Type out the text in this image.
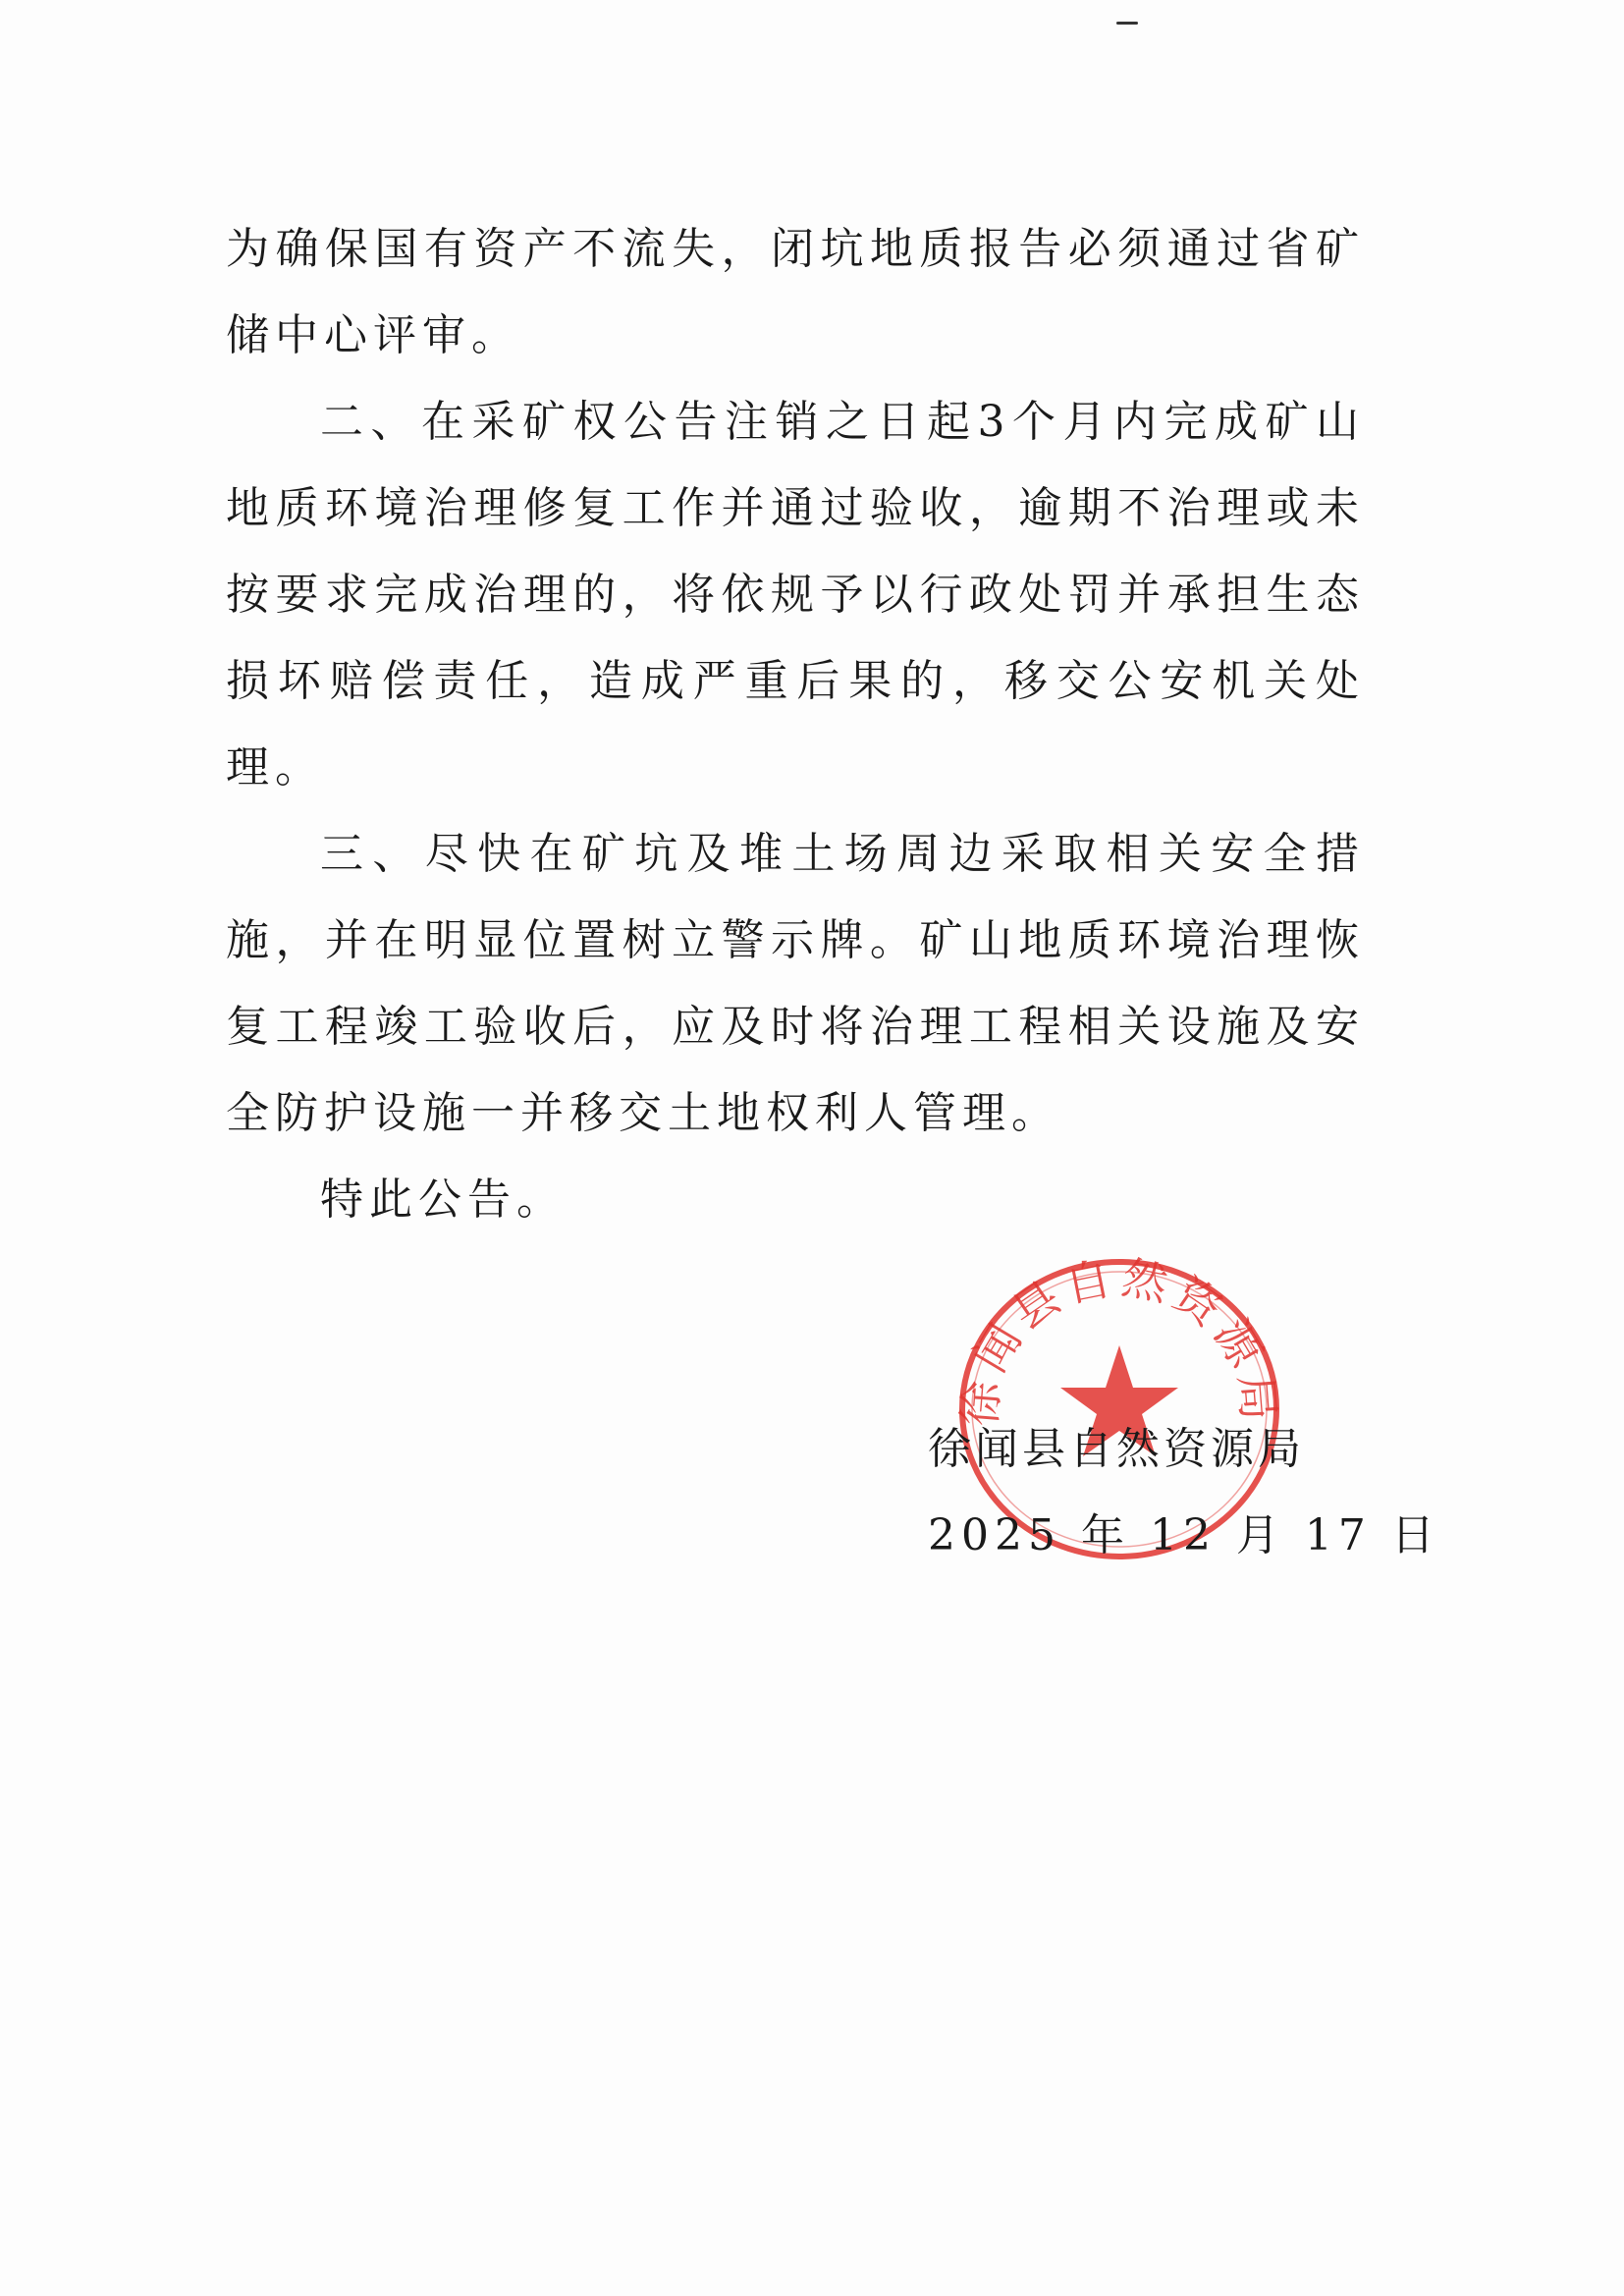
为确保国有资产不流失，闭坑地质报告必须通过省矿储中心评审。

二、在采矿权公告注销之日起3个月内完成矿山地质环境治理修复工作并通过验收，逾期不治理或未按要求完成治理的，将依规予以行政处罚并承担生态损坏赔偿责任，造成严重后果的，移交公安机关处理。

三、尽快在矿坑及堆土场周边采取相关安全措施，并在明显位置树立警示牌。矿山地质环境治理恢复工程竣工验收后，应及时将治理工程相关设施及安全防护设施一并移交土地权利人管理。

特此公告。

徐闻县自然资源局
徐闻县自然资源局
2025 年 12 月 17 日
